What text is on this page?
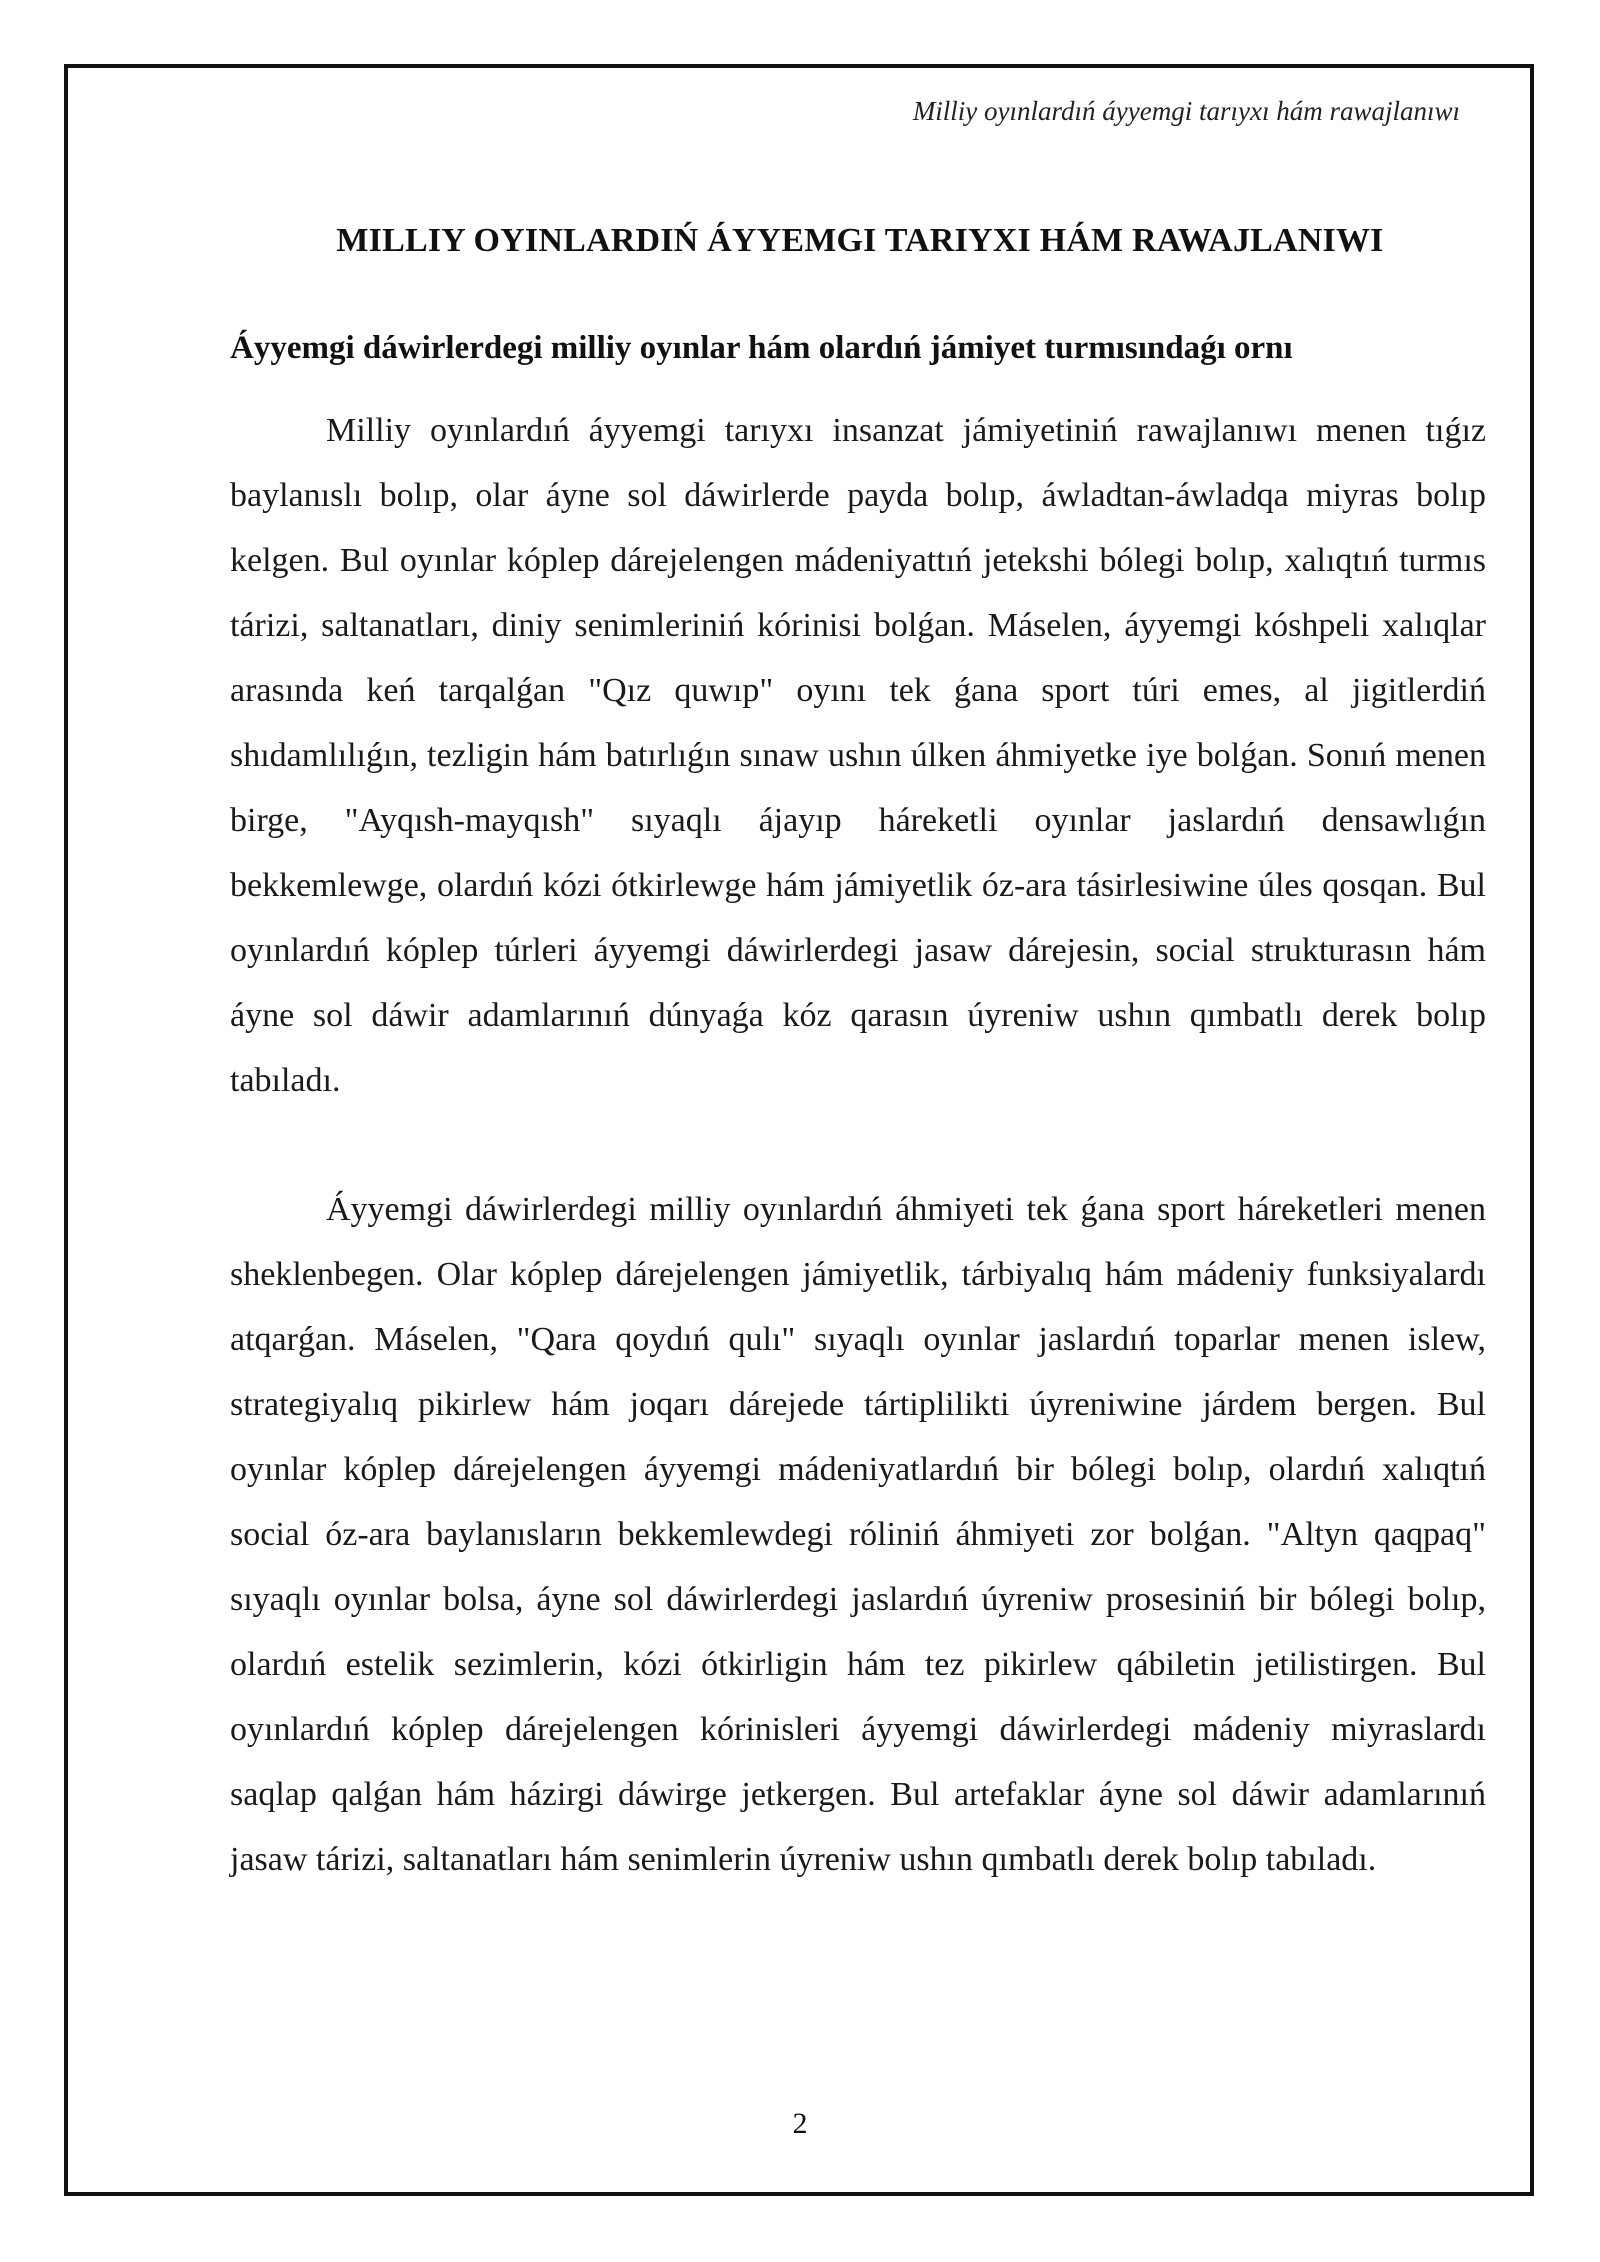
Milliy oyınlardıń áyyemgi tarıyxı hám rawajlanıwı
MILLIY OYINLARDIŃ ÁYYEMGI TARIYXI HÁM RAWAJLANIWI
Áyyemgi dáwirlerdegi milliy oyınlar hám olardıń jámiyet turmısındaǵı ornı

Milliy oyınlardıń áyyemgi tarıyxı insanzat jámiyetiniń rawajlanıwı menen tıǵız baylanıslı bolıp, olar áyne sol dáwirlerde payda bolıp, áwladtan-áwladqa miyras bolıp kelgen. Bul oyınlar kóplep dárejelengen mádeniyattıń jetekshi bólegi bolıp, xalıqtıń turmıs tárizi, saltanatları, diniy senimleriniń kórinisi bolǵan. Máselen, áyyemgi kóshpeli xalıqlar arasında keń tarqalǵan "Qız quwıp" oyını tek ǵana sport túri emes, al jigitlerdiń shıdamlılıǵın, tezligin hám batırlıǵın sınaw ushın úlken áhmiyetke iye bolǵan. Sonıń menen birge, "Ayqısh-mayqısh" sıyaqlı ájayıp háreketli oyınlar jaslardıń densawlıǵın bekkemlewge, olardıń kózi ótkirlewge hám jámiyetlik óz-ara tásirlesiwine úles qosqan. Bul oyınlardıń kóplep túrleri áyyemgi dáwirlerdegi jasaw dárejesin, social strukturasın hám áyne sol dáwir adamlarınıń dúnyaǵa kóz qarasın úyreniw ushın qımbatlı derek bolıp tabıladı.

Áyyemgi dáwirlerdegi milliy oyınlardıń áhmiyeti tek ǵana sport háreketleri menen sheklenbegen. Olar kóplep dárejelengen jámiyetlik, tárbiyalıq hám mádeniy funksiyalardı atqarǵan. Máselen, "Qara qoydıń qulı" sıyaqlı oyınlar jaslardıń toparlar menen islew, strategiyalıq pikirlew hám joqarı dárejede tártiplilikti úyreniwine járdem bergen. Bul oyınlar kóplep dárejelengen áyyemgi mádeniyatlardıń bir bólegi bolıp, olardıń xalıqtıń social óz-ara baylanısların bekkemlewdegi róliniń áhmiyeti zor bolǵan. "Altyn qaqpaq" sıyaqlı oyınlar bolsa, áyne sol dáwirlerdegi jaslardıń úyreniw prosesiniń bir bólegi bolıp, olardıń estelik sezimlerin, kózi ótkirligin hám tez pikirlew qábiletin jetilistirgen. Bul oyınlardıń kóplep dárejelengen kórinisleri áyyemgi dáwirlerdegi mádeniy miyraslardı saqlap qalǵan hám házirgi dáwirge jetkergen. Bul artefaklar áyne sol dáwir adamlarınıń jasaw tárizi, saltanatları hám senimlerin úyreniw ushın qımbatlı derek bolıp tabıladı.

2
